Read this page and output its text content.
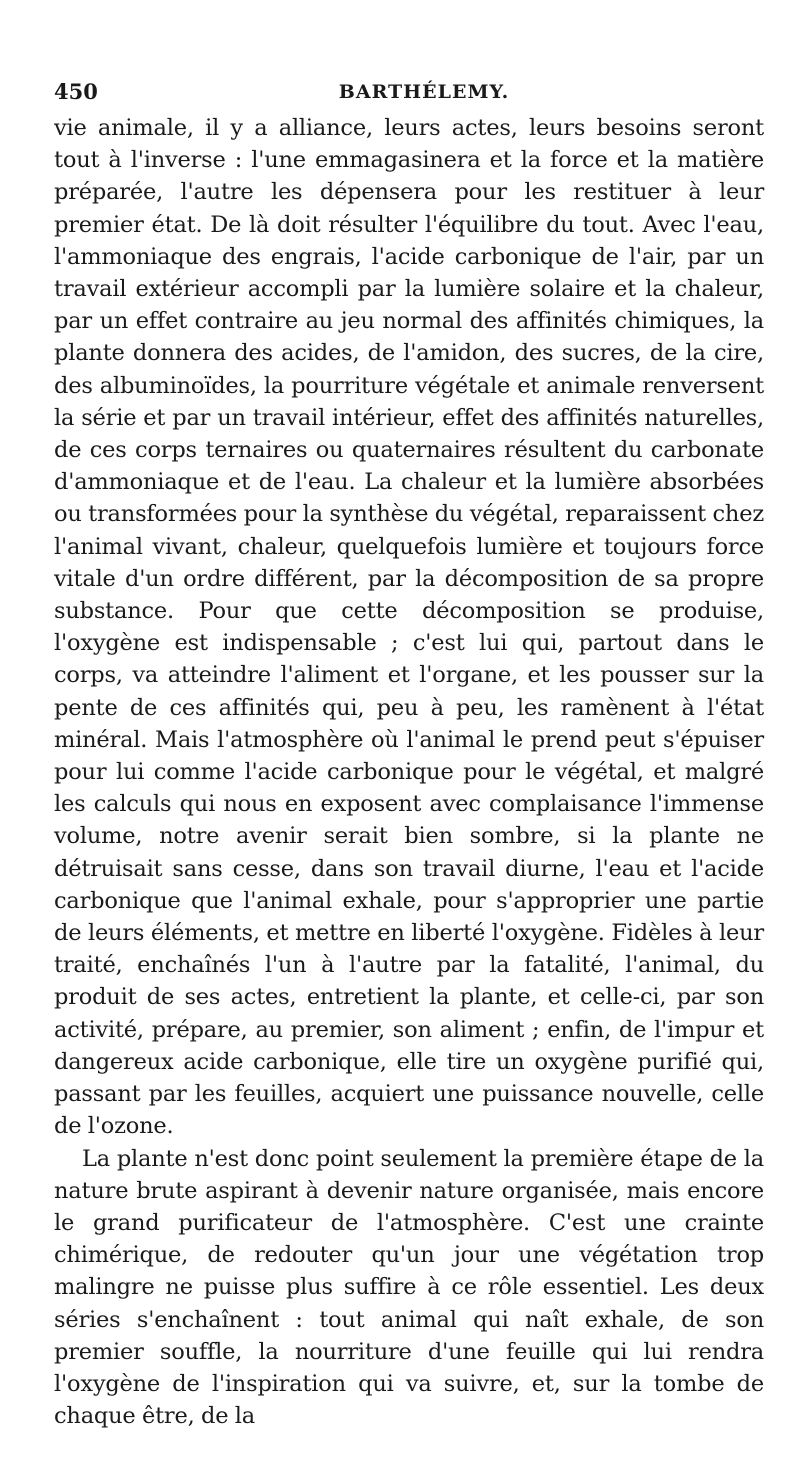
450	BARTHÉLEMY.

vie animale, il y a alliance, leurs actes, leurs besoins seront tout à l'inverse : l'une emmagasinera et la force et la matière préparée, l'autre les dépensera pour les restituer à leur premier état. De là doit résulter l'équilibre du tout. Avec l'eau, l'ammoniaque des engrais, l'acide carbonique de l'air, par un travail extérieur accompli par la lumière solaire et la chaleur, par un effet contraire au jeu normal des affinités chimiques, la plante donnera des acides, de l'amidon, des sucres, de la cire, des albuminoïdes, la pourriture végétale et animale renversent la série et par un travail intérieur, effet des affinités naturelles, de ces corps ternaires ou quaternaires résultent du carbonate d'ammoniaque et de l'eau. La chaleur et la lumière absorbées ou transformées pour la synthèse du végétal, reparaissent chez l'animal vivant, chaleur, quelquefois lumière et toujours force vitale d'un ordre différent, par la décomposition de sa propre substance. Pour que cette décomposition se produise, l'oxygène est indispensable ; c'est lui qui, partout dans le corps, va atteindre l'aliment et l'organe, et les pousser sur la pente de ces affinités qui, peu à peu, les ramènent à l'état minéral. Mais l'atmosphère où l'animal le prend peut s'épuiser pour lui comme l'acide carbonique pour le végétal, et malgré les calculs qui nous en exposent avec complaisance l'immense volume, notre avenir serait bien sombre, si la plante ne détruisait sans cesse, dans son travail diurne, l'eau et l'acide carbonique que l'animal exhale, pour s'approprier une partie de leurs éléments, et mettre en liberté l'oxygène. Fidèles à leur traité, enchaînés l'un à l'autre par la fatalité, l'animal, du produit de ses actes, entretient la plante, et celle-ci, par son activité, prépare, au premier, son aliment ; enfin, de l'impur et dangereux acide carbonique, elle tire un oxygène purifié qui, passant par les feuilles, acquiert une puissance nouvelle, celle de l'ozone.

La plante n'est donc point seulement la première étape de la nature brute aspirant à devenir nature organisée, mais encore le grand purificateur de l'atmosphère. C'est une crainte chimérique, de redouter qu'un jour une végétation trop malingre ne puisse plus suffire à ce rôle essentiel. Les deux séries s'enchaînent : tout animal qui naît exhale, de son premier souffle, la nourriture d'une feuille qui lui rendra l'oxygène de l'inspiration qui va suivre, et, sur la tombe de chaque être, de la
